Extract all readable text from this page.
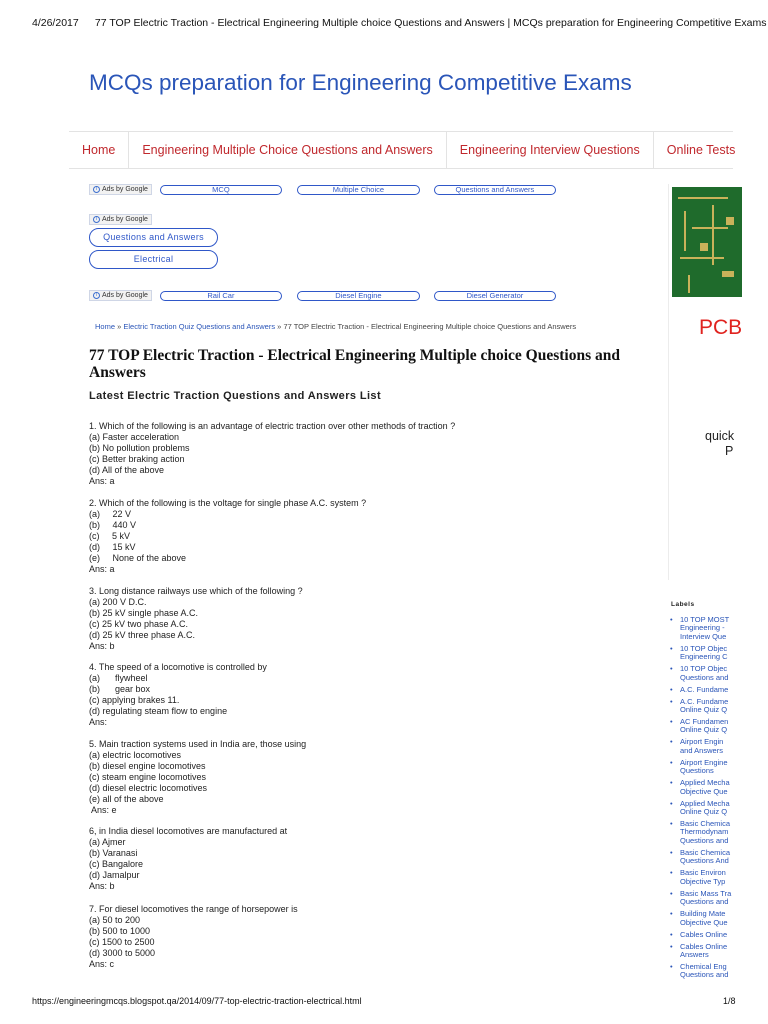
4/26/2017 77 TOP Electric Traction - Electrical Engineering Multiple choice Questions and Answers | MCQs preparation for Engineering Competitive Exams
MCQs preparation for Engineering Competitive Exams
Home	Engineering Multiple Choice Questions and Answers	Engineering Interview Questions	Online Tests
i Ads by Google	MCQ	Multiple Choice	Questions and Answers
i Ads by Google
Questions and Answers
Electrical
i Ads by Google	Rail Car	Diesel Engine	Diesel Generator
Home » Electric Traction Quiz Questions and Answers » 77 TOP Electric Traction - Electrical Engineering Multiple choice Questions and Answers
77 TOP Electric Traction - Electrical Engineering Multiple choice Questions and Answers
Latest Electric Traction Questions and Answers List
1. Which of the following is an advantage of electric traction over other methods of traction ?
(a) Faster acceleration
(b) No pollution problems
(c) Better braking action
(d) All of the above
Ans: a
2. Which of the following is the voltage for single phase A.C. system ?
(a)     22 V
(b)     440 V
(c)     5 kV
(d)     15 kV
(e)     None of the above
Ans: a
3. Long distance railways use which of the following ?
(a) 200 V D.C.
(b) 25 kV single phase A.C.
(c) 25 kV two phase A.C.
(d) 25 kV three phase A.C.
Ans: b
4. The speed of a locomotive is controlled by
(a)      flywheel
(b)      gear box
(c) applying brakes 11.
(d) regulating steam flow to engine
Ans:
5. Main traction systems used in India are, those using
(a) electric locomotives
(b) diesel engine locomotives
(c) steam engine locomotives
(d) diesel electric locomotives
(e) all of the above
Ans: e
6, in India diesel locomotives are manufactured at
(a) Ajmer
(b) Varanasi
(c) Bangalore
(d) Jamalpur
Ans: b
7. For diesel locomotives the range of horsepower is
(a) 50 to 200
(b) 500 to 1000
(c) 1500 to 2500
(d) 3000 to 5000
Ans: c
PCB
quick
P
Labels
• 10 TOP MOST
Engineering -
Interview Que
• 10 TOP Objec
Engineering C
• 10 TOP Objec
Questions and
• A.C. Fundame
• A.C. Fundame
Online Quiz Q
• AC Fundamen
Online Quiz Q
• Airport Engin
and Answers
• Airport Engine
Questions
• Applied Mecha
Objective Que
• Applied Mecha
Online Quiz Q
• Basic Chemica
Thermodynam
Questions and
• Basic Chemica
Questions And
• Basic Environ
Objective Typ
• Basic Mass Tra
Questions and
• Building Mate
Objective Que
• Cables Online
• Cables Online
Answers
• Chemical Eng
Questions and
https://engineeringmcqs.blogspot.qa/2014/09/77-top-electric-traction-electrical.html	1/8
